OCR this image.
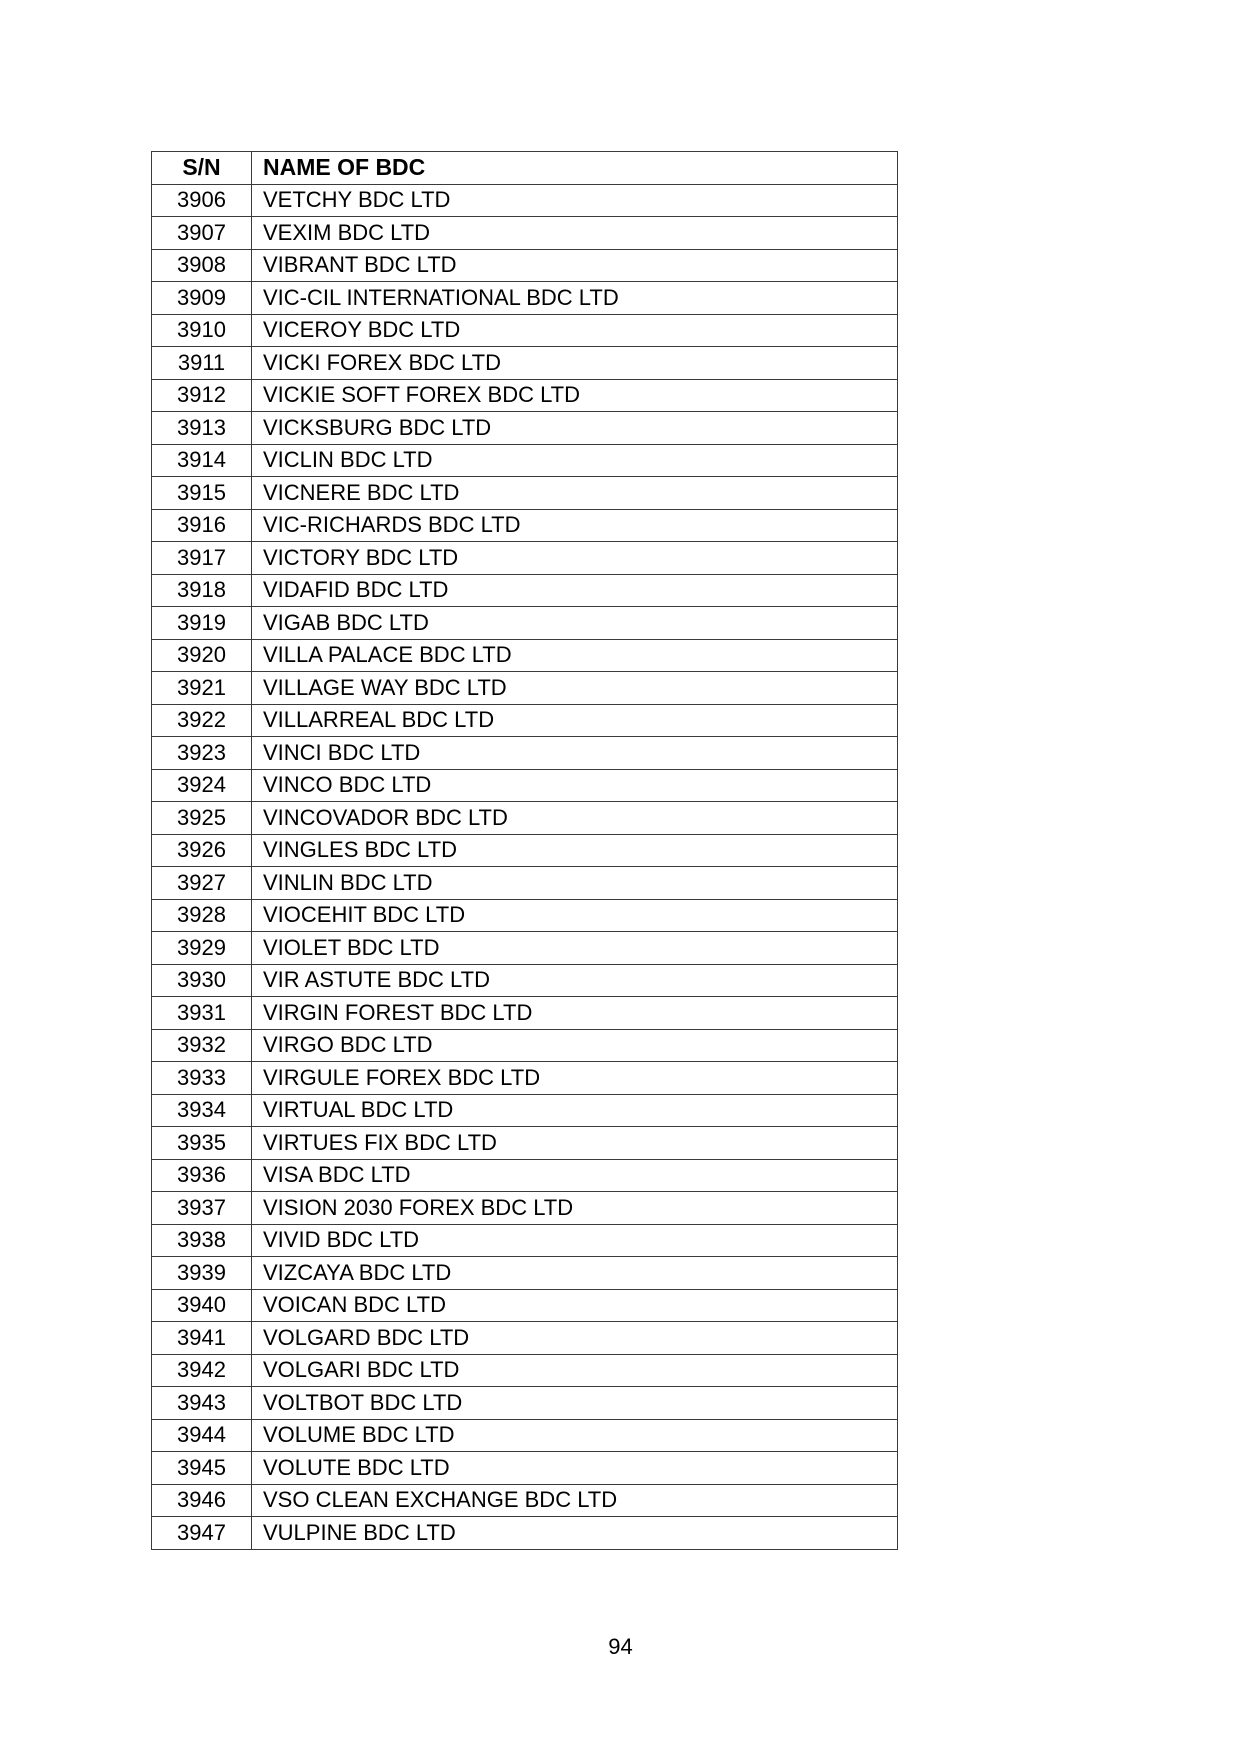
S/N	NAME OF BDC
3906	VETCHY BDC LTD
3907	VEXIM BDC LTD
3908	VIBRANT BDC LTD
3909	VIC-CIL INTERNATIONAL BDC LTD
3910	VICEROY BDC LTD
3911	VICKI FOREX BDC LTD
3912	VICKIE SOFT FOREX BDC LTD
3913	VICKSBURG BDC LTD
3914	VICLIN BDC LTD
3915	VICNERE BDC LTD
3916	VIC-RICHARDS BDC LTD
3917	VICTORY BDC LTD
3918	VIDAFID BDC LTD
3919	VIGAB BDC LTD
3920	VILLA PALACE BDC LTD
3921	VILLAGE WAY BDC LTD
3922	VILLARREAL BDC LTD
3923	VINCI BDC LTD
3924	VINCO BDC LTD
3925	VINCOVADOR BDC LTD
3926	VINGLES BDC LTD
3927	VINLIN BDC LTD
3928	VIOCEHIT BDC LTD
3929	VIOLET BDC LTD
3930	VIR ASTUTE BDC LTD
3931	VIRGIN FOREST BDC LTD
3932	VIRGO BDC LTD
3933	VIRGULE FOREX BDC LTD
3934	VIRTUAL BDC LTD
3935	VIRTUES FIX BDC LTD
3936	VISA BDC LTD
3937	VISION 2030 FOREX BDC LTD
3938	VIVID BDC LTD
3939	VIZCAYA BDC LTD
3940	VOICAN BDC LTD
3941	VOLGARD BDC LTD
3942	VOLGARI BDC LTD
3943	VOLTBOT BDC LTD
3944	VOLUME BDC LTD
3945	VOLUTE BDC LTD
3946	VSO CLEAN EXCHANGE BDC LTD
3947	VULPINE BDC LTD
94
